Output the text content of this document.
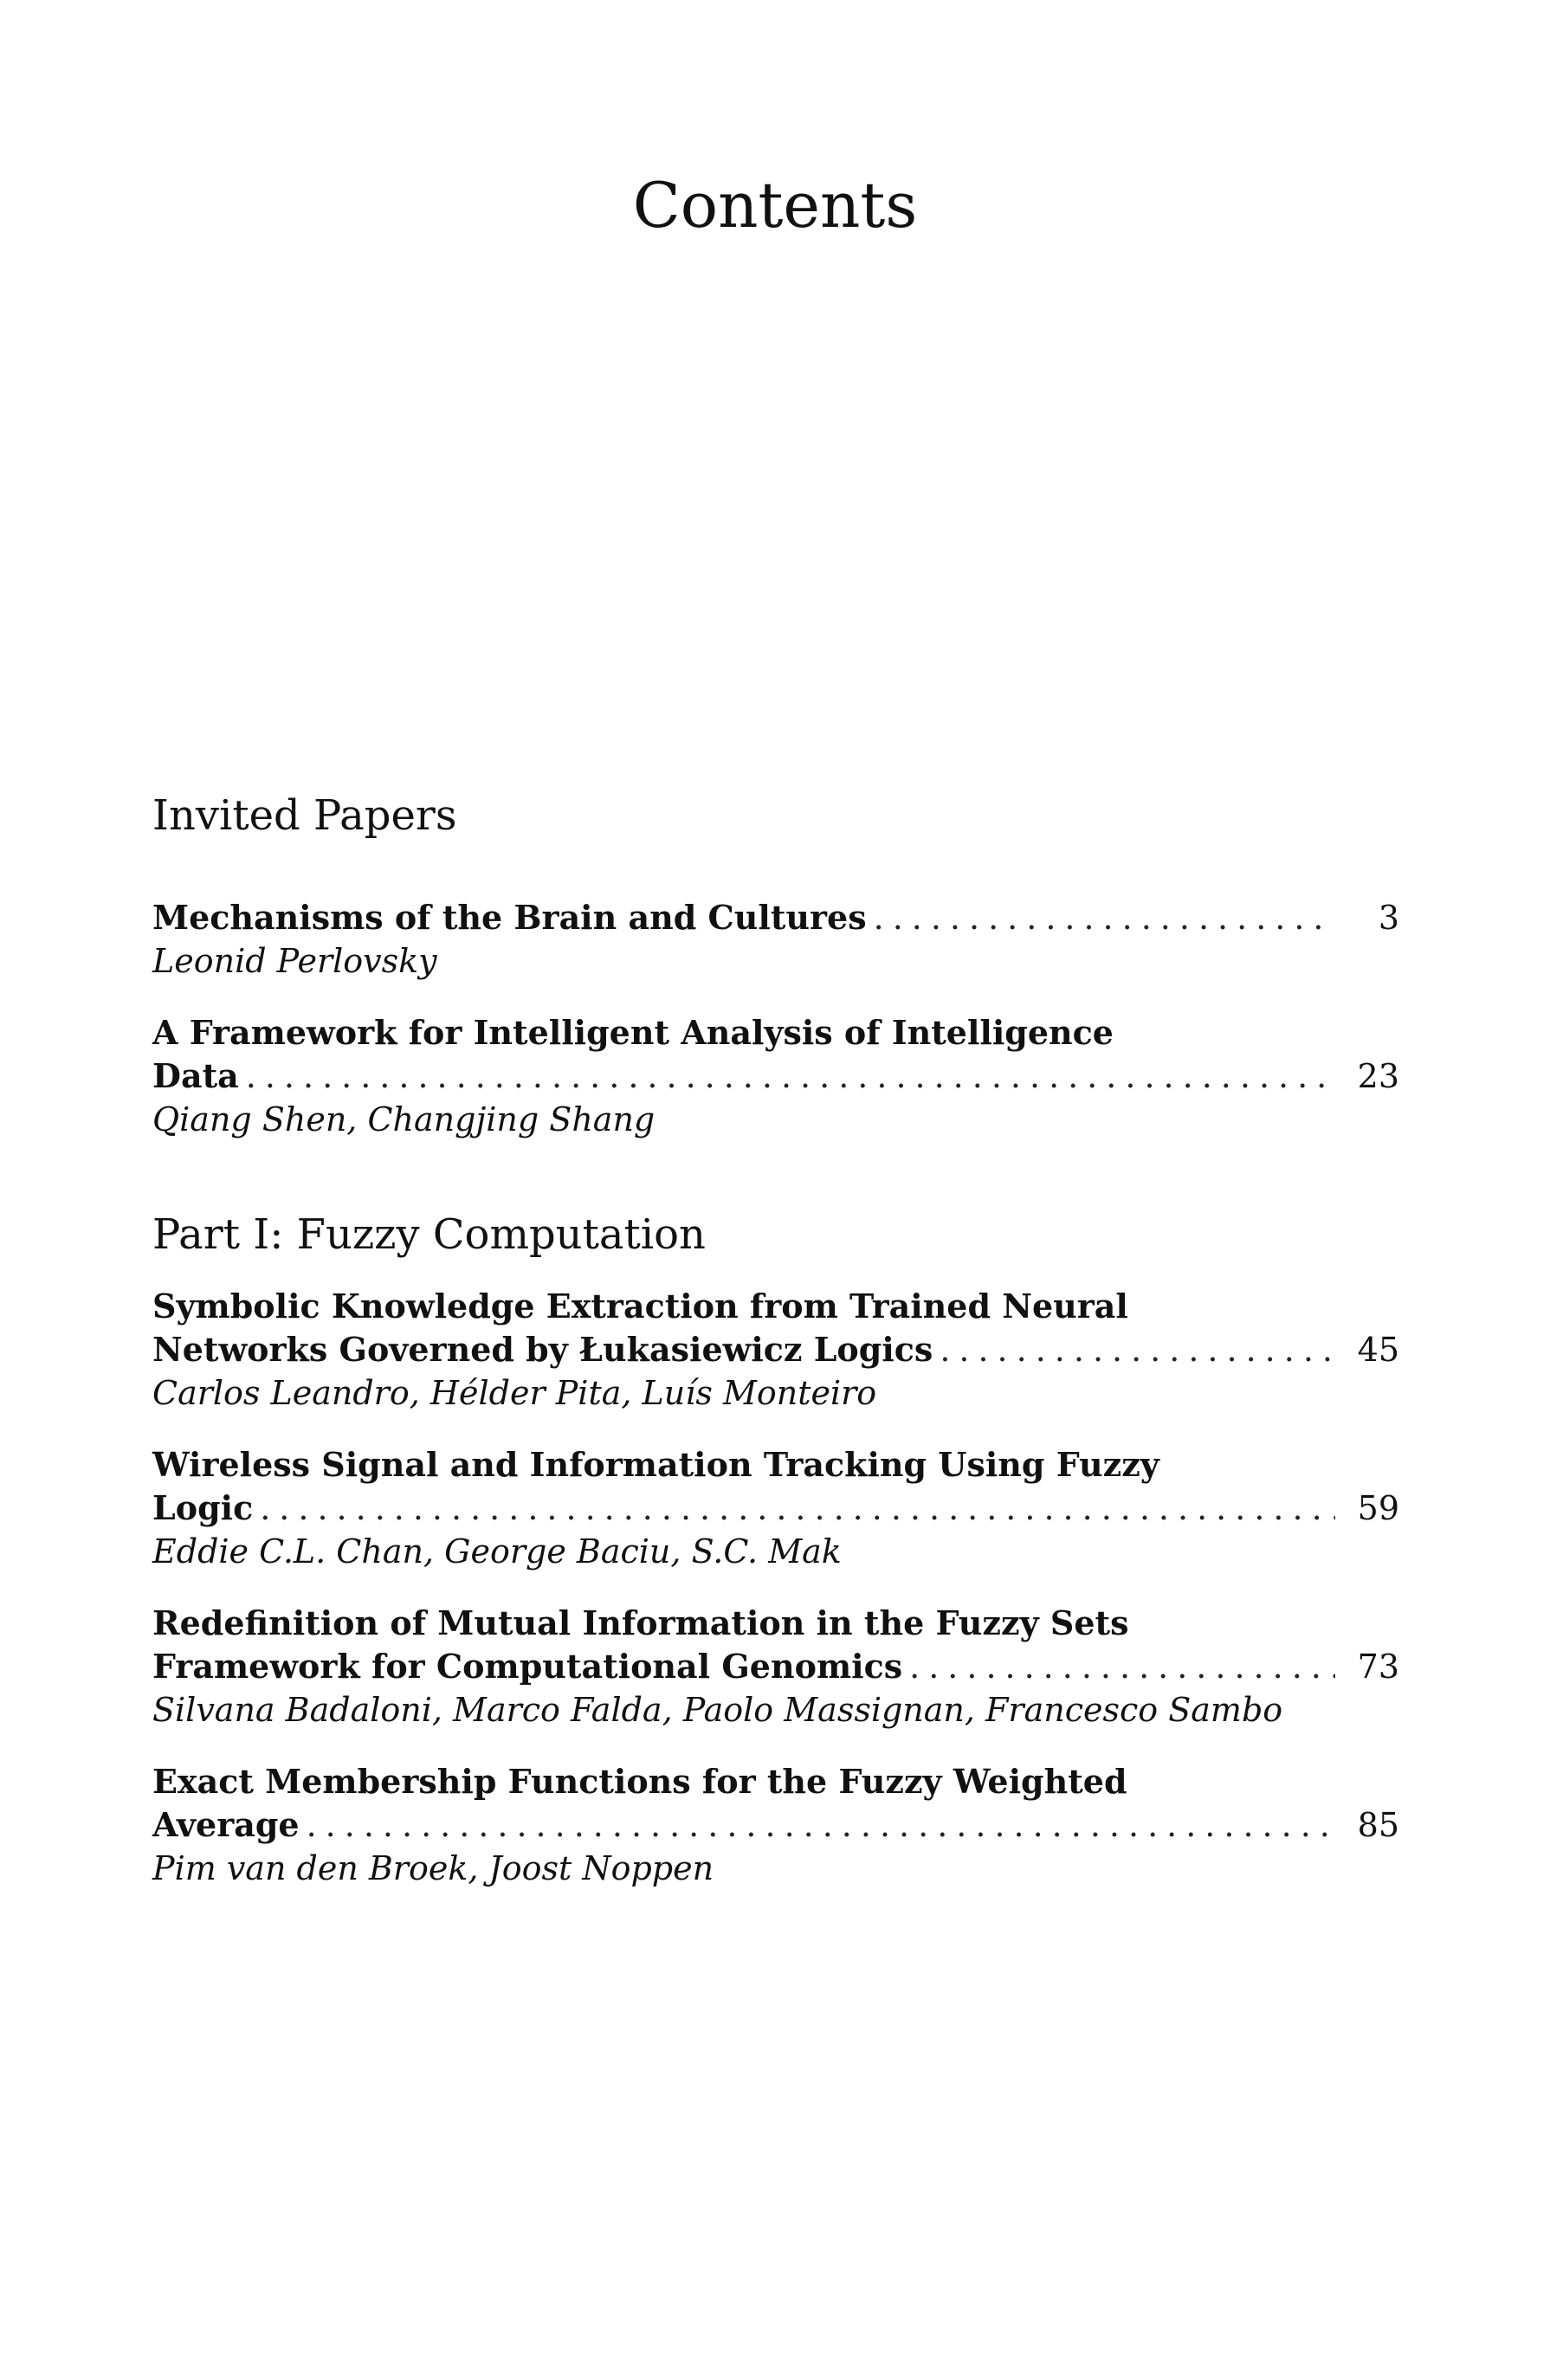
Contents
Invited Papers
Mechanisms of the Brain and Cultures .....	3
Leonid Perlovsky
A Framework for Intelligent Analysis of Intelligence
Data .....	23
Qiang Shen, Changjing Shang
Part I: Fuzzy Computation
Symbolic Knowledge Extraction from Trained Neural
Networks Governed by Łukasiewicz Logics .....	45
Carlos Leandro, Hélder Pita, Luís Monteiro
Wireless Signal and Information Tracking Using Fuzzy
Logic .....	59
Eddie C.L. Chan, George Baciu, S.C. Mak
Redefinition of Mutual Information in the Fuzzy Sets
Framework for Computational Genomics .....	73
Silvana Badaloni, Marco Falda, Paolo Massignan, Francesco Sambo
Exact Membership Functions for the Fuzzy Weighted
Average .....	85
Pim van den Broek, Joost Noppen
